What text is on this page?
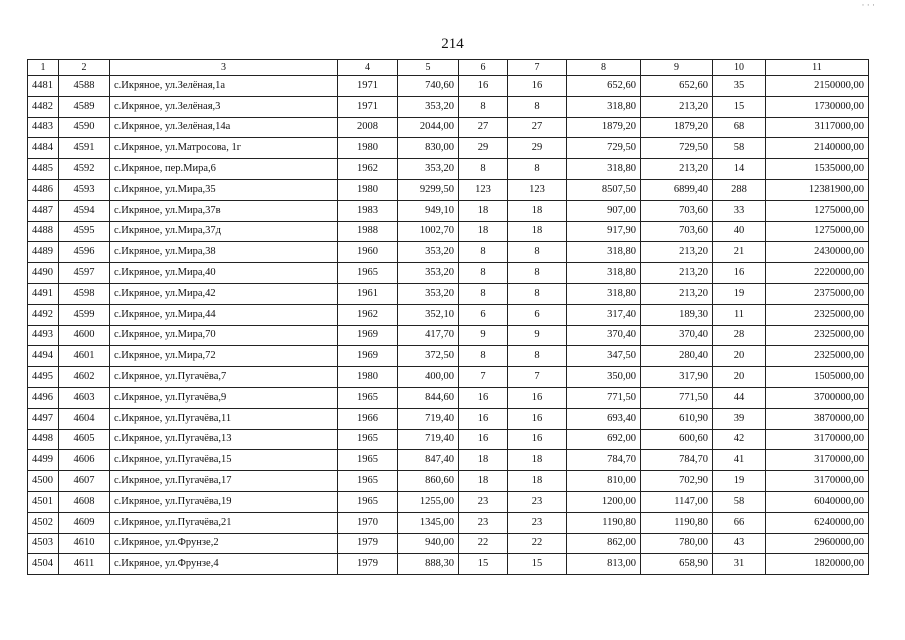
· · ·
214
1	2	3	4	5	6	7	8	9	10	11
4481	4588	с.Икряное, ул.Зелёная,1а	1971	740,60	16	16	652,60	652,60	35	2150000,00
4482	4589	с.Икряное, ул.Зелёная,3	1971	353,20	8	8	318,80	213,20	15	1730000,00
4483	4590	с.Икряное, ул.Зелёная,14а	2008	2044,00	27	27	1879,20	1879,20	68	3117000,00
4484	4591	с.Икряное, ул.Матросова, 1г	1980	830,00	29	29	729,50	729,50	58	2140000,00
4485	4592	с.Икряное, пер.Мира,6	1962	353,20	8	8	318,80	213,20	14	1535000,00
4486	4593	с.Икряное, ул.Мира,35	1980	9299,50	123	123	8507,50	6899,40	288	12381900,00
4487	4594	с.Икряное, ул.Мира,37в	1983	949,10	18	18	907,00	703,60	33	1275000,00
4488	4595	с.Икряное, ул.Мира,37д	1988	1002,70	18	18	917,90	703,60	40	1275000,00
4489	4596	с.Икряное, ул.Мира,38	1960	353,20	8	8	318,80	213,20	21	2430000,00
4490	4597	с.Икряное, ул.Мира,40	1965	353,20	8	8	318,80	213,20	16	2220000,00
4491	4598	с.Икряное, ул.Мира,42	1961	353,20	8	8	318,80	213,20	19	2375000,00
4492	4599	с.Икряное, ул.Мира,44	1962	352,10	6	6	317,40	189,30	11	2325000,00
4493	4600	с.Икряное, ул.Мира,70	1969	417,70	9	9	370,40	370,40	28	2325000,00
4494	4601	с.Икряное, ул.Мира,72	1969	372,50	8	8	347,50	280,40	20	2325000,00
4495	4602	с.Икряное, ул.Пугачёва,7	1980	400,00	7	7	350,00	317,90	20	1505000,00
4496	4603	с.Икряное, ул.Пугачёва,9	1965	844,60	16	16	771,50	771,50	44	3700000,00
4497	4604	с.Икряное, ул.Пугачёва,11	1966	719,40	16	16	693,40	610,90	39	3870000,00
4498	4605	с.Икряное, ул.Пугачёва,13	1965	719,40	16	16	692,00	600,60	42	3170000,00
4499	4606	с.Икряное, ул.Пугачёва,15	1965	847,40	18	18	784,70	784,70	41	3170000,00
4500	4607	с.Икряное, ул.Пугачёва,17	1965	860,60	18	18	810,00	702,90	19	3170000,00
4501	4608	с.Икряное, ул.Пугачёва,19	1965	1255,00	23	23	1200,00	1147,00	58	6040000,00
4502	4609	с.Икряное, ул.Пугачёва,21	1970	1345,00	23	23	1190,80	1190,80	66	6240000,00
4503	4610	с.Икряное, ул.Фрунзе,2	1979	940,00	22	22	862,00	780,00	43	2960000,00
4504	4611	с.Икряное, ул.Фрунзе,4	1979	888,30	15	15	813,00	658,90	31	1820000,00
